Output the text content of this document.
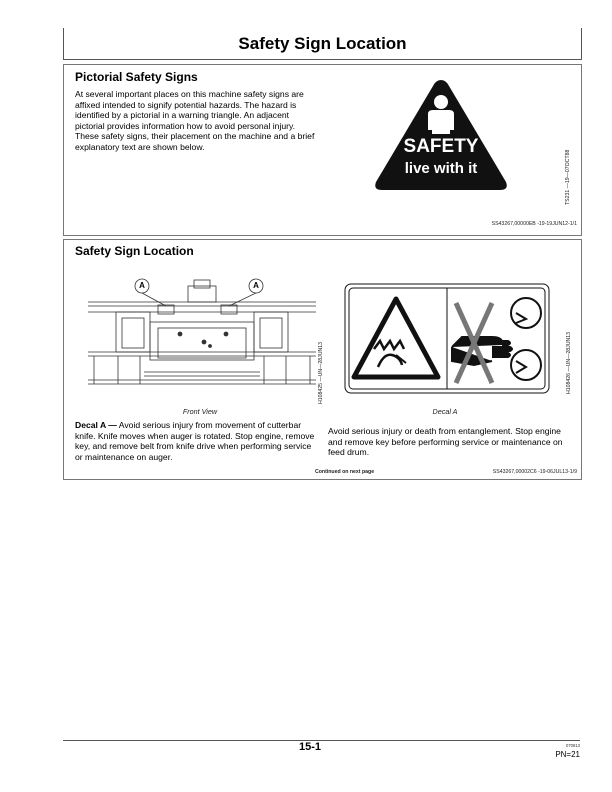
Safety Sign Location
Pictorial Safety Signs
At several important places on this machine safety signs are affixed intended to signify potential hazards. The hazard is identified by a pictorial in a warning triangle. An adjacent pictorial provides information how to avoid personal injury. These safety signs, their placement on the machine and a brief explanatory text are shown below.	SAFETY
live with it	TS231 —19—07OCT88
SS43267,00000EB -19-19JUN12-1/1
Safety Sign Location
A	A
H108425 —UN—28JUN13
Front View
H108426 —UN—28JUN13
Decal A
Decal A — Avoid serious injury from movement of cutterbar knife. Knife moves when auger is rotated. Stop engine, remove key, and remove belt from knife drive when performing service or maintenance on auger.
Avoid serious injury or death from entanglement. Stop engine and remove key before performing service or maintenance on feed drum.
Continued on next page	SS43267,00002C6 -19-06JUL13-1/9
15-1	070813
PN=21
